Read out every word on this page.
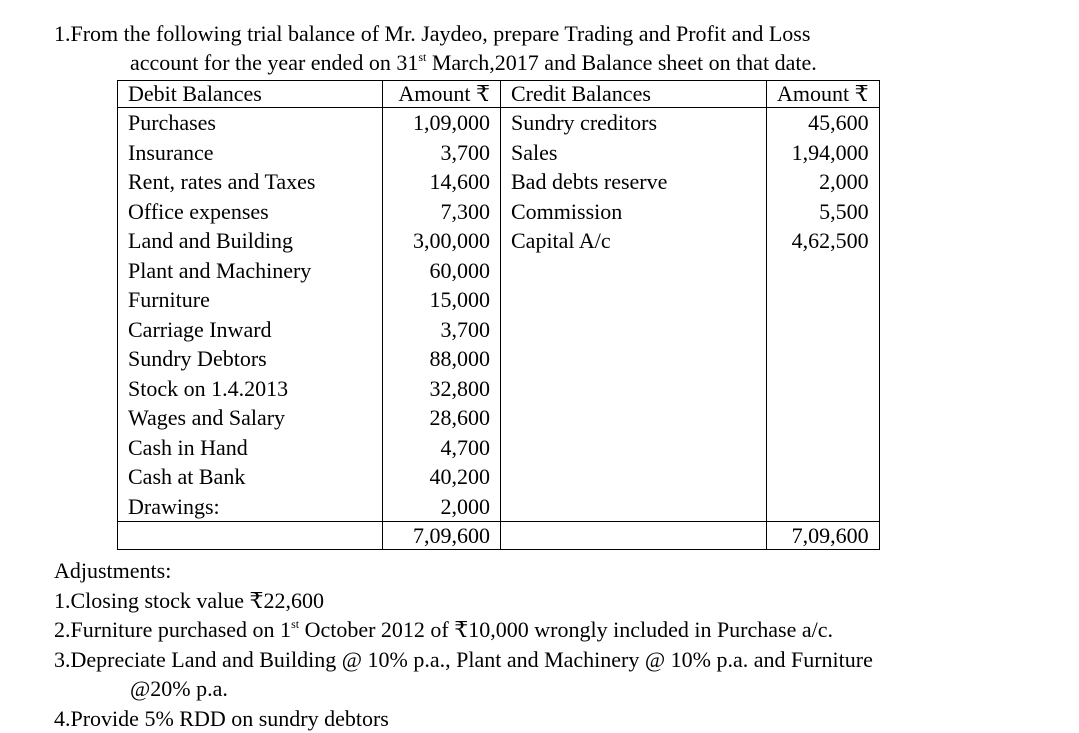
1.From the following trial balance of Mr. Jaydeo, prepare Trading and Profit and Loss
account for the year ended on 31st March,2017 and Balance sheet on that date.
Debit Balances	Amount ₹	Credit Balances	Amount ₹
Purchases	1,09,000	Sundry creditors	45,600
Insurance	3,700	Sales	1,94,000
Rent, rates and Taxes	14,600	Bad debts reserve	2,000
Office expenses	7,300	Commission	5,500
Land and Building	3,00,000	Capital A/c	4,62,500
Plant and Machinery	60,000		
Furniture	15,000		
Carriage Inward	3,700		
Sundry Debtors	88,000		
Stock on 1.4.2013	32,800		
Wages and Salary	28,600		
Cash in Hand	4,700		
Cash at Bank	40,200		
Drawings:	2,000		
	7,09,600		7,09,600
Adjustments:
1.Closing stock value ₹22,600
2.Furniture purchased on 1st October 2012 of ₹10,000 wrongly included in Purchase a/c.
3.Depreciate Land and Building @ 10% p.a., Plant and Machinery @ 10% p.a. and Furniture
@20% p.a.
4.Provide 5% RDD on sundry debtors
